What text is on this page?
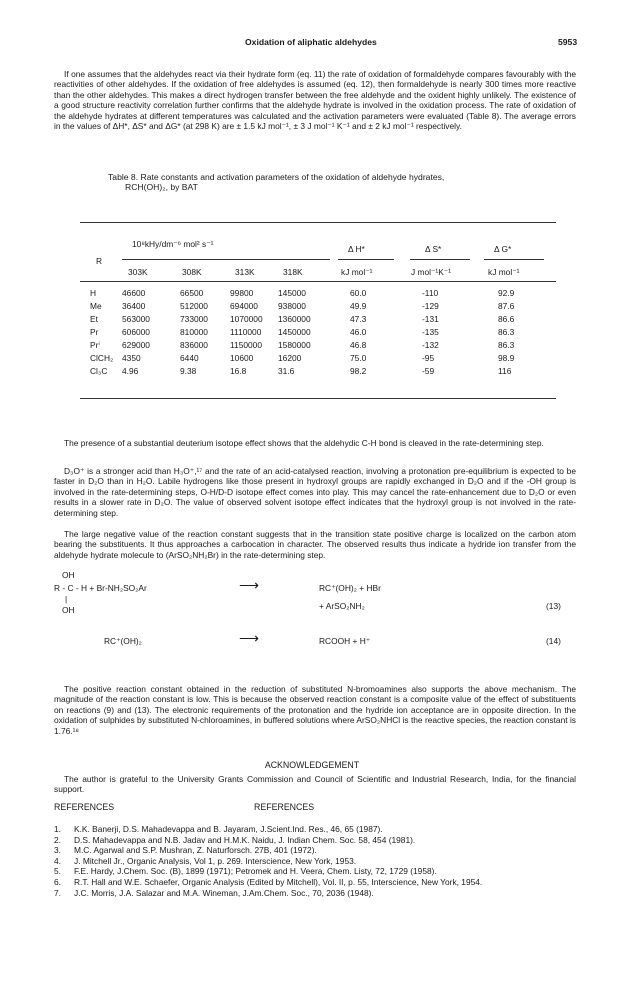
Oxidation of aliphatic aldehydes	5953

If one assumes that the aldehydes react via their hydrate form (eq. 11) the rate of oxidation of formaldehyde compares favourably with the reactivities of other aldehydes. If the oxidation of free aldehydes is assumed (eq. 12), then formaldehyde is nearly 300 times more reactive than the other aldehydes. This makes a direct hydrogen transfer between the free aldehyde and the oxident highly unlikely. The existence of a good structure reactivity correlation further confirms that the aldehyde hydrate is involved in the oxidation process. The rate of oxidation of the aldehyde hydrates at different temperatures was calculated and the activation parameters were evaluated (Table 8). The average errors in the values of ΔH*, ΔS* and ΔG* (at 298 K) are ± 1.5 kJ mol⁻¹, ± 3 J mol⁻¹ K⁻¹ and ± 2 kJ mol⁻¹ respectively.

Table 8. Rate constants and activation parameters of the oxidation of aldehyde hydrates,
RCH(OH)₂, by BAT
R
10⁸kHy/dm⁻⁶ mol² s⁻¹	Δ H*	Δ S*	Δ G*
303K	308K	313K	318K	kJ mol⁻¹	J mol⁻¹K⁻¹	kJ mol⁻¹
H	46600	66500	99800	145000	60.0	-110	92.9
Me 36400	512000	694000 938000	49.9	-129	87.6
Et	563000	733000	1070000 1360000	47.3	-131	86.6
Pr	606000	810000	1110000 1450000	46.0	-135	86.3
Prⁱ	629000	836000	1150000 1580000	46.8	-132	86.3
ClCH₂ 4350	6440	10600	16200	75.0	-95	98.9
Cl₃C 4.96	9.38	16.8	31.6	98.2	-59	116

The presence of a substantial deuterium isotope effect shows that the aldehydic C-H bond is cleaved in the rate-determining step.

D₃O⁺ is a stronger acid than H₃O⁺,¹⁷ and the rate of an acid-catalysed reaction, involving a protonation pre-equilibrium is expected to be faster in D₂O than in H₂O. Labile hydrogens like those present in hydroxyl groups are rapidly exchanged in D₂O and if the -OH group is involved in the rate-determining steps, O-H/D-D isotope effect comes into play. This may cancel the rate-enhancement due to D₂O or even results in a slower rate in D₂O. The value of observed solvent isotope effect indicates that the hydroxyl group is not involved in the rate-determining step.

The large negative value of the reaction constant suggests that in the transition state positive charge is localized on the carbon atom bearing the substituents. It thus approaches a carbocation in character. The observed results thus indicate a hydride ion transfer from the aldehyde hydrate molecule to (ArSO₂NH₂Br) in the rate-determining step.

OH
R - C - H + Br-NH₂SO₂Ar
|
OH
⟶	RC⁺(OH)₂ + HBr
+ ArSO₂NH₂	(13)
RC⁺(OH)₂	⟶	RCOOH + H⁺	(14)

The positive reaction constant obtained in the reduction of substituted N-bromoamines also supports the above mechanism. The magnitude of the reaction constant is low. This is because the observed reaction constant is a composite value of the effect of substituents on reactions (9) and (13). The electronic requirements of the protonation and the hydride ion acceptance are in opposite direction. In the oxidation of sulphides by substituted N-chloroamines, in buffered solutions where ArSO₂NHCl is the reactive species, the reaction constant is 1.76.¹⁸

ACKNOWLEDGEMENT

The author is grateful to the University Grants Commission and Council of Scientific and Industrial Research, India, for the financial support.

REFERENCES	REFERENCES
1. K.K. Banerji, D.S. Mahadevappa and B. Jayaram, J.Scient.Ind. Res., 46, 65 (1987).
2. D.S. Mahadevappa and N.B. Jadav and H.M.K. Naidu, J. Indian Chem. Soc. 58, 454 (1981).
3. M.C. Agarwal and S.P. Mushran, Z. Naturforsch. 27B, 401 (1972).
4. J. Mitchell Jr., Organic Analysis, Vol 1, p. 269. Interscience, New York, 1953.
5. F.E. Hardy, J.Chem. Soc. (B), 1899 (1971); Petromek and H. Veera, Chem. Listy, 72, 1729 (1958).
6. R.T. Hall and W.E. Schaefer, Organic Analysis (Edited by Mitchell), Vol. II, p. 55, Interscience, New York, 1954.
7. J.C. Morris, J.A. Salazar and M.A. Wineman, J.Am.Chem. Soc., 70, 2036 (1948).
